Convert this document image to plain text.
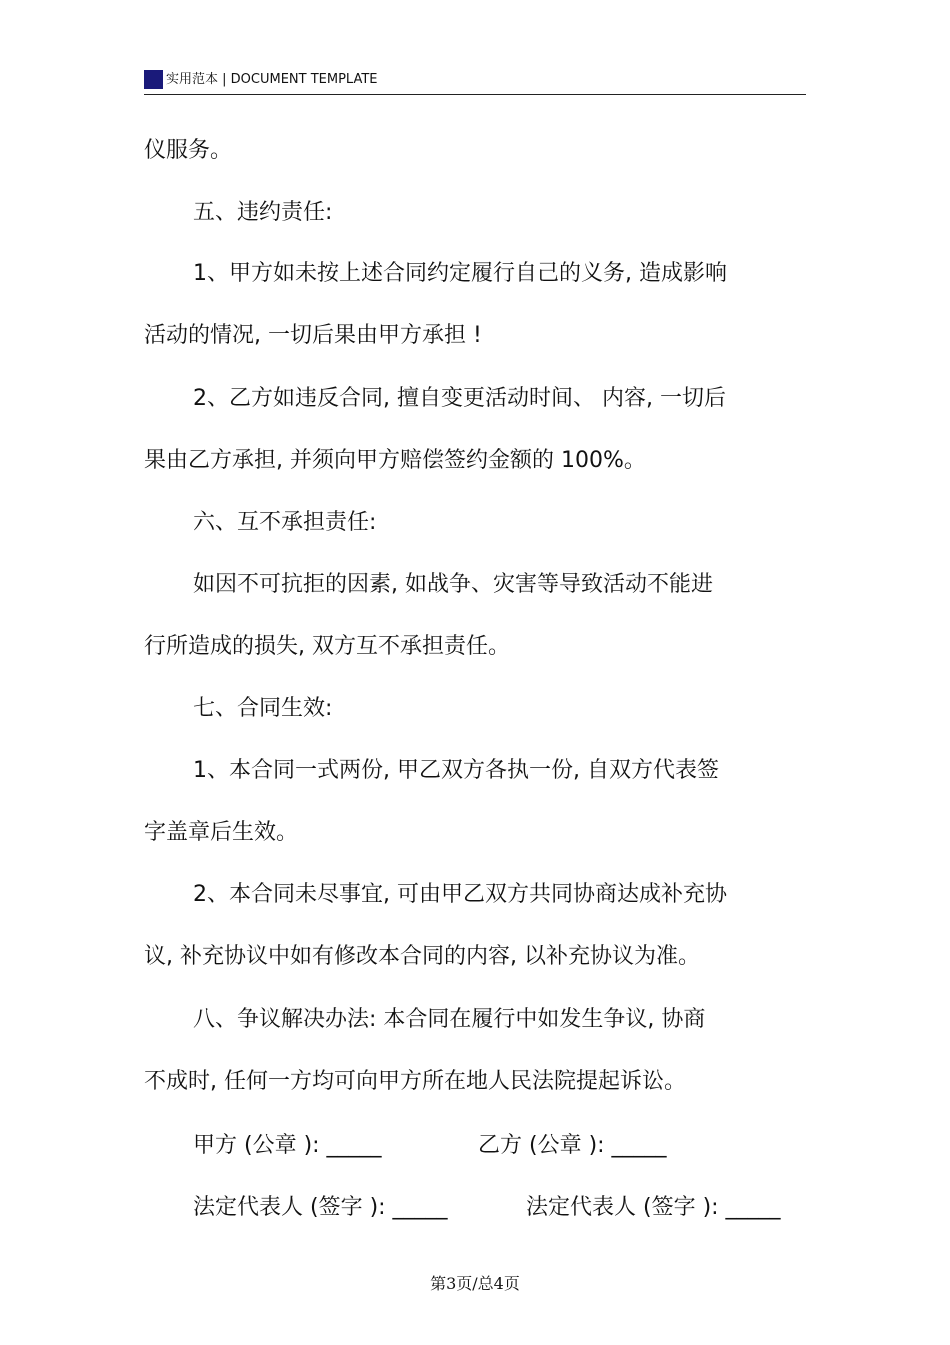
实用范本 | DOCUMENT TEMPLATE
仪服务。
五、违约责任:
1、甲方如未按上述合同约定履行自己的义务, 造成影响
活动的情况, 一切后果由甲方承担 !
2、乙方如违反合同, 擅自变更活动时间、 内容, 一切后
果由乙方承担, 并须向甲方赔偿签约金额的 100%。
六、互不承担责任:
如因不可抗拒的因素, 如战争、灾害等导致活动不能进
行所造成的损失, 双方互不承担责任。
七、合同生效:
1、本合同一式两份, 甲乙双方各执一份, 自双方代表签
字盖章后生效。
2、本合同未尽事宜, 可由甲乙双方共同协商达成补充协
议, 补充协议中如有修改本合同的内容, 以补充协议为准。
八、争议解决办法: 本合同在履行中如发生争议, 协商
不成时, 任何一方均可向甲方所在地人民法院提起诉讼。
甲方 (公章 ): _____	乙方 (公章 ): _____
法定代表人 (签字 ): _____	法定代表人 (签字 ): _____
第3页/总4页
